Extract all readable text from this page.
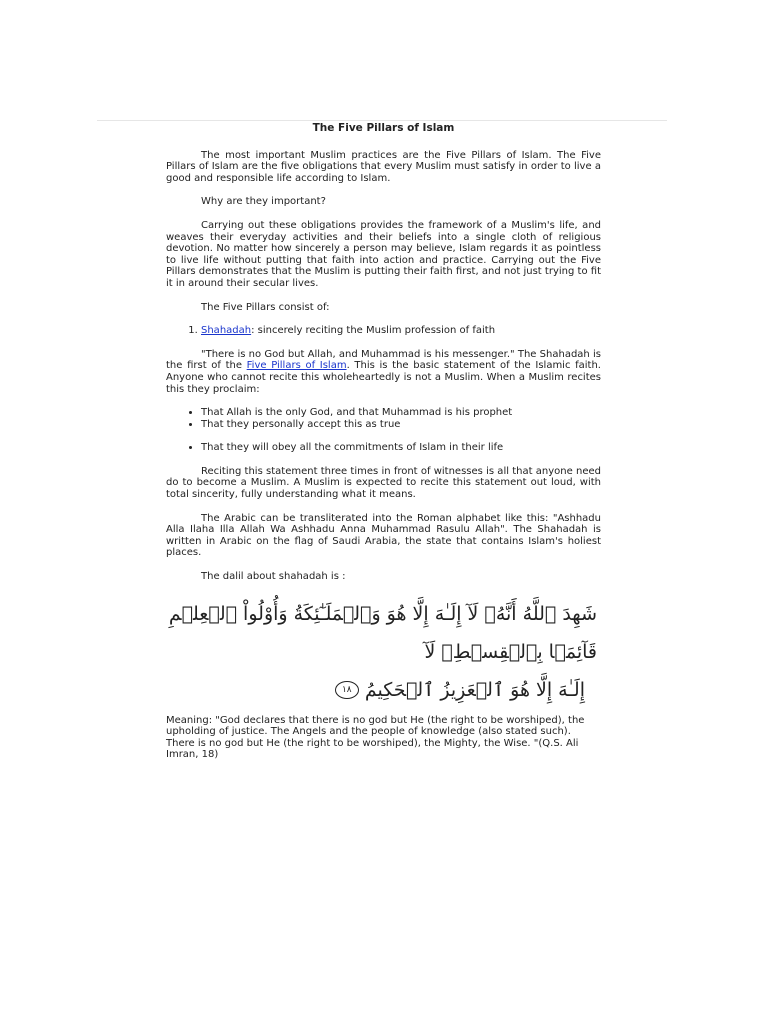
The Five Pillars of Islam

The most important Muslim practices are the Five Pillars of Islam. The Five Pillars of Islam are the five obligations that every Muslim must satisfy in order to live a good and responsible life according to Islam.

Why are they important?

Carrying out these obligations provides the framework of a Muslim's life, and weaves their everyday activities and their beliefs into a single cloth of religious devotion. No matter how sincerely a person may believe, Islam regards it as pointless to live life without putting that faith into action and practice. Carrying out the Five Pillars demonstrates that the Muslim is putting their faith first, and not just trying to fit it in around their secular lives.

The Five Pillars consist of:
1. Shahadah: sincerely reciting the Muslim profession of faith

"There is no God but Allah, and Muhammad is his messenger." The Shahadah is the first of the Five Pillars of Islam. This is the basic statement of the Islamic faith. Anyone who cannot recite this wholeheartedly is not a Muslim. When a Muslim recites this they proclaim:

• That Allah is the only God, and that Muhammad is his prophet
• That they personally accept this as true
• That they will obey all the commitments of Islam in their life

Reciting this statement three times in front of witnesses is all that anyone need do to become a Muslim. A Muslim is expected to recite this statement out loud, with total sincerity, fully understanding what it means.

The Arabic can be transliterated into the Roman alphabet like this: "Ashhadu Alla Ilaha Illa Allah Wa Ashhadu Anna Muhammad Rasulu Allah". The Shahadah is written in Arabic on the flag of Saudi Arabia, the state that contains Islam's holiest places.

The dalil about shahadah is :
شَهِدَ ٱللَّهُ أَنَّهُۥ لَآ إِلَـٰهَ إِلَّا هُوَ وَٱلۡمَلَـٰٓئِكَةُ وَأُوْلُواْ ٱلۡعِلۡمِ قَآئِمَۢا بِٱلۡقِسۡطِۚ لَآ
إِلَـٰهَ إِلَّا هُوَ ٱلۡعَزِيزُ ٱلۡحَكِيمُ ١٨

Meaning: "God declares that there is no god but He (the right to be worshiped), the upholding of justice. The Angels and the people of knowledge (also stated such). There is no god but He (the right to be worshiped), the Mighty, the Wise. "(Q.S. Ali Imran, 18)
